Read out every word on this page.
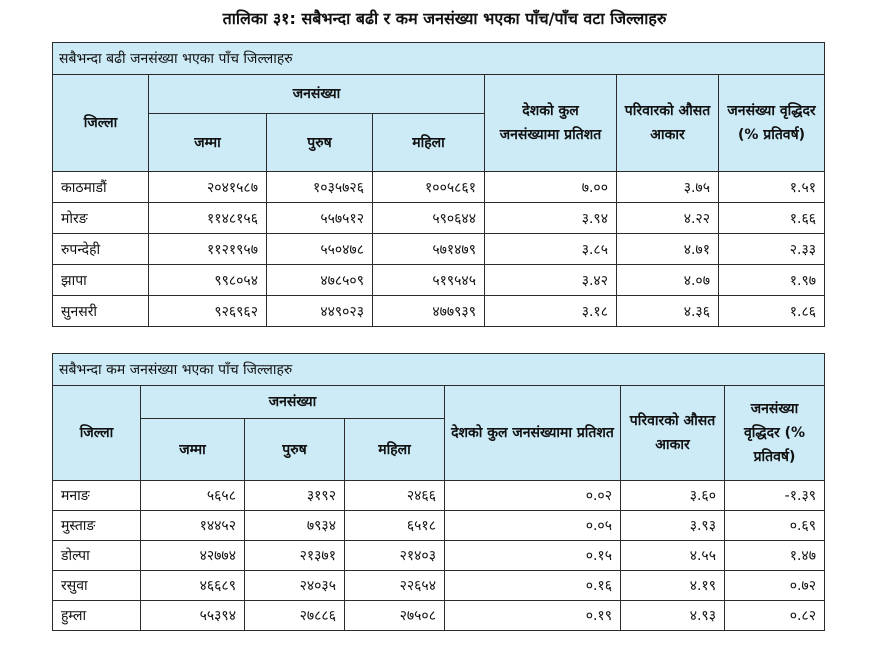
तालिका ३१: सबैभन्दा बढी र कम जनसंख्या भएका पाँच/पाँच वटा जिल्लाहरु
सबैभन्दा बढी जनसंख्या भएका पाँच जिल्लाहरु						
जिल्ला	जनसंख्या			देशको कुल जनसंख्यामा प्रतिशत	परिवारको औसत आकार	जनसंख्या वृद्धिदर (% प्रतिवर्ष)
	जम्मा	पुरुष	महिला			
काठमाडौं	२०४१५८७	१०३५७२६	१००५८६१	७.००	३.७५	१.५१
मोरङ	११४८१५६	५५७५१२	५९०६४४	३.९४	४.२२	१.६६
रुपन्देही	११२१९५७	५५०४७८	५७१४७९	३.८५	४.७१	२.३३
झापा	९९८०५४	४७८५०९	५१९५४५	३.४२	४.०७	१.९७
सुनसरी	९२६९६२	४४९०२३	४७७९३९	३.१८	४.३६	१.८६
सबैभन्दा कम जनसंख्या भएका पाँच जिल्लाहरु						
जिल्ला	जनसंख्या			देशको कुल जनसंख्यामा प्रतिशत	परिवारको औसत आकार	जनसंख्या वृद्धिदर (% प्रतिवर्ष)
	जम्मा	पुरुष	महिला			
मनाङ	५६५८	३१९२	२४६६	०.०२	३.६०	-१.३९
मुस्ताङ	१४४५२	७९३४	६५१८	०.०५	३.९३	०.६९
डोल्पा	४२७७४	२१३७१	२१४०३	०.१५	४.५५	१.४७
रसुवा	४६६८९	२४०३५	२२६५४	०.१६	४.१९	०.७२
हुम्ला	५५३९४	२७८८६	२७५०८	०.१९	४.९३	०.८२
